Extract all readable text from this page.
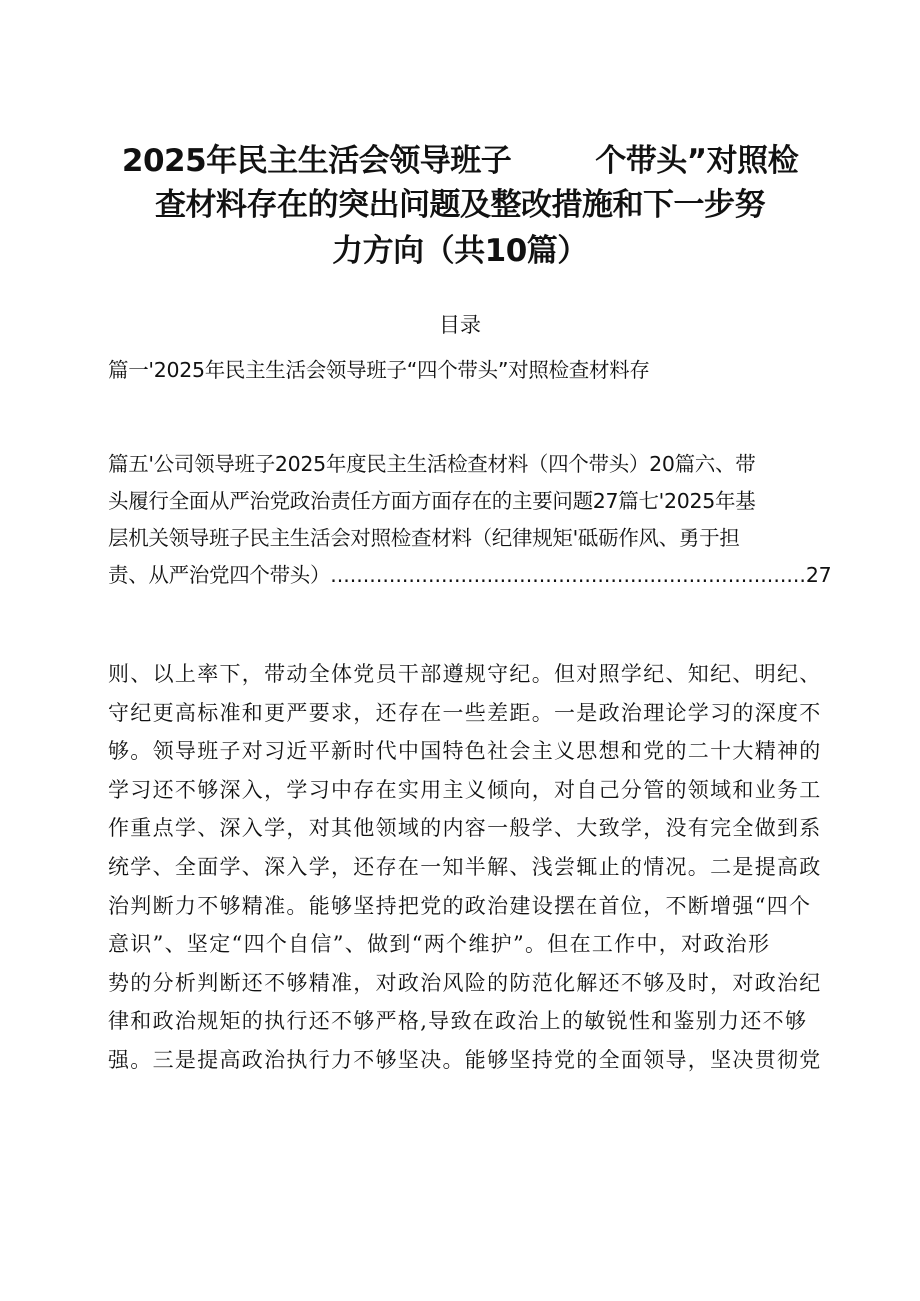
2025年民主生活会领导班子	个带头”对照检
查材料存在的突出问题及整改措施和下一步努
力方向（共10篇）
目录
篇一'2025年民主生活会领导班子“四个带头”对照检查材料存
篇五'公司领导班子2025年度民主生活检查材料（四个带头）20篇六、带
头履行全面从严治党政治责任方面方面存在的主要问题27篇七'2025年基
层机关领导班子民主生活会对照检查材料（纪律规矩'砥砺作风、勇于担
责、从严治党四个带头）.........................................................................27
则、以上率下，带动全体党员干部遵规守纪。但对照学纪、知纪、明纪、
守纪更高标准和更严要求，还存在一些差距。一是政治理论学习的深度不
够。领导班子对习近平新时代中国特色社会主义思想和党的二十大精神的
学习还不够深入，学习中存在实用主义倾向，对自己分管的领域和业务工
作重点学、深入学，对其他领域的内容一般学、大致学，没有完全做到系
统学、全面学、深入学，还存在一知半解、浅尝辄止的情况。二是提高政
治判断力不够精准。能够坚持把党的政治建设摆在首位，不断增强“四个
意识”、坚定“四个自信”、做到“两个维护”。但在工作中，对政治形
势的分析判断还不够精准，对政治风险的防范化解还不够及时，对政治纪
律和政治规矩的执行还不够严格,导致在政治上的敏锐性和鉴别力还不够
强。三是提高政治执行力不够坚决。能够坚持党的全面领导，坚决贯彻党
